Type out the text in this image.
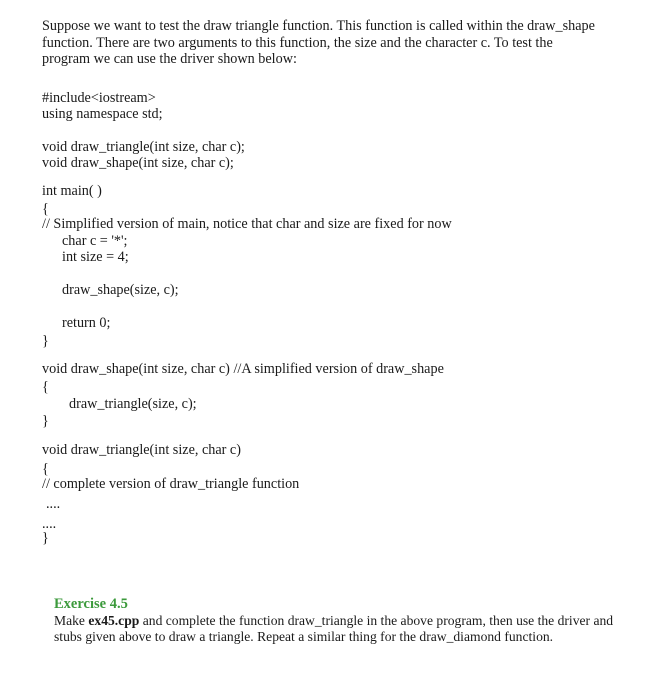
Suppose we want to test the draw triangle function. This function is called within the draw_shape

function. There are two arguments to this function, the size and the character c. To test the

program we can use the driver shown below:

#include<iostream>
using namespace std;
void draw_triangle(int size, char c);
void draw_shape(int size, char c);
int main( )
{
// Simplified version of main, notice that char and size are fixed for now
char c = '*';
int size = 4;
draw_shape(size, c);
return 0;
}
void draw_shape(int size, char c) //A simplified version of draw_shape
{
draw_triangle(size, c);
}
void draw_triangle(int size, char c)
{
// complete version of draw_triangle function
....
....
}
Exercise 4.5
Make ex45.cpp and complete the function draw_triangle in the above program, then use the driver and stubs given above to draw a triangle. Repeat a similar thing for the draw_diamond function.
